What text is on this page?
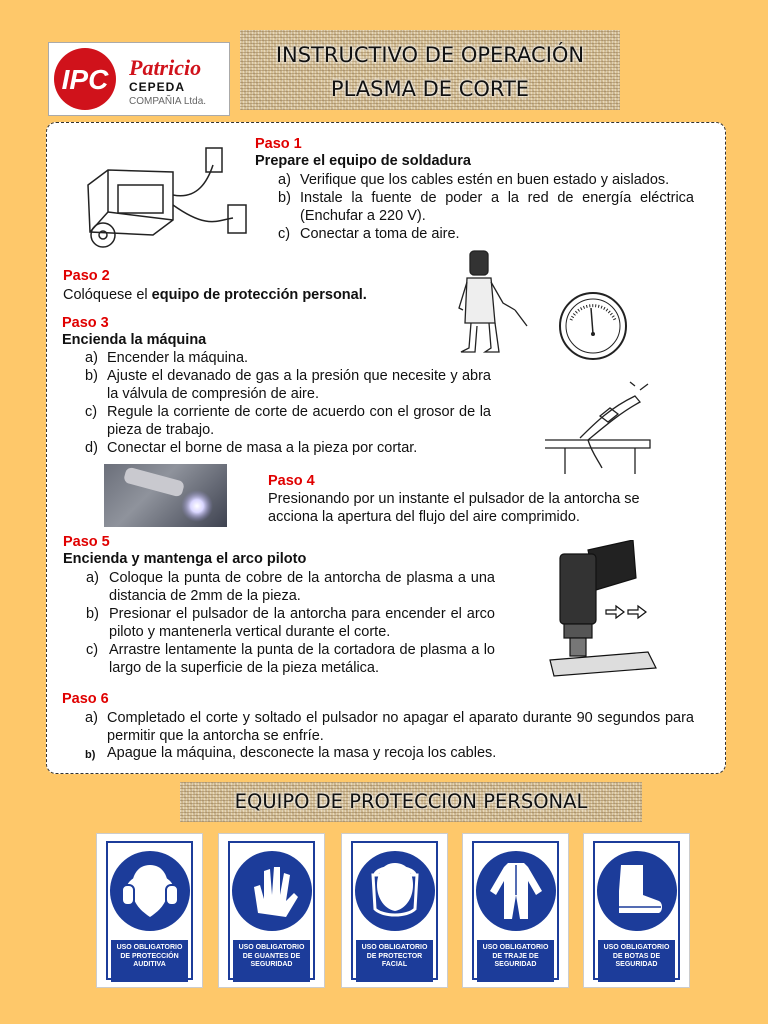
INSTRUCTIVO DE OPERACIÓN
PLASMA DE CORTE
IPC Patricio
CEPEDA
COMPAÑIA Ltda.
Paso 1
Prepare el equipo de soldadura
a) Verifique que los cables estén en buen estado y aislados.
b) Instale la fuente de poder a la red de energía eléctrica (Enchufar a 220 V).
c) Conectar a toma de aire.
Paso 2
Colóquese el equipo de protección personal.
Paso 3
Encienda la máquina
a) Encender la máquina.
b) Ajuste el devanado de gas a la presión que necesite y abra la válvula de compresión de aire.
c) Regule la corriente de corte de acuerdo con el grosor de la pieza de trabajo.
d) Conectar el borne de masa a la pieza por cortar.
Paso 4
Presionando por un instante el pulsador de la antorcha se acciona la apertura del flujo del aire comprimido.
Paso 5
Encienda y mantenga el arco piloto
a) Coloque la punta de cobre de la antorcha de plasma a una distancia de 2mm de la pieza.
b) Presionar el pulsador de la antorcha para encender el arco piloto y mantenerla vertical durante el corte.
c) Arrastre lentamente la punta de la cortadora de plasma a lo largo de la superficie de la pieza metálica.
Paso 6
a) Completado el corte y soltado el pulsador no apagar el aparato durante 90 segundos para permitir que la antorcha se enfríe.
b) Apague la máquina, desconecte la masa y recoja los cables.
EQUIPO DE PROTECCION PERSONAL
USO OBLIGATORIO DE PROTECCIÓN AUDITIVA
USO OBLIGATORIO DE GUANTES DE SEGURIDAD
USO OBLIGATORIO DE PROTECTOR FACIAL
USO OBLIGATORIO DE TRAJE DE SEGURIDAD
USO OBLIGATORIO DE BOTAS DE SEGURIDAD
